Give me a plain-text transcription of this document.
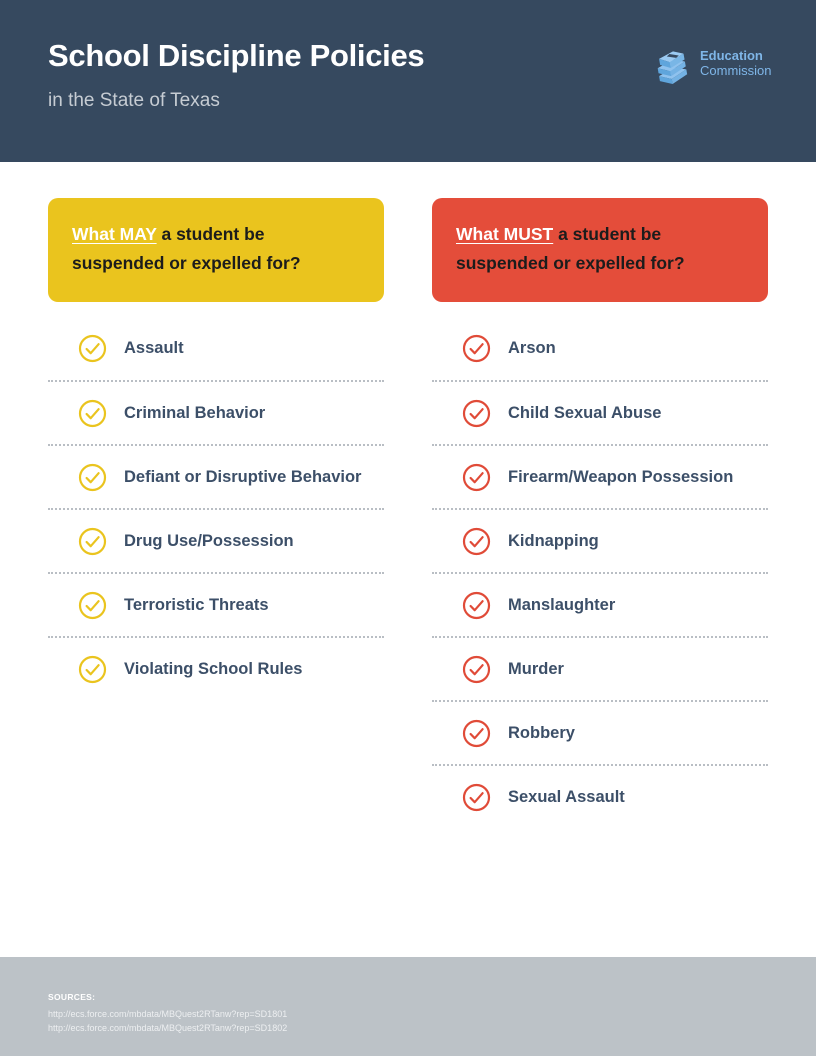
School Discipline Policies
in the State of Texas
Education
Commission
What MAY a student be suspended or expelled for?
Assault
Criminal Behavior
Defiant or Disruptive Behavior
Drug Use/Possession
Terroristic Threats
Violating School Rules
What MUST a student be suspended or expelled for?
Arson
Child Sexual Abuse
Firearm/Weapon Possession
Kidnapping
Manslaughter
Murder
Robbery
Sexual Assault
SOURCES:
http://ecs.force.com/mbdata/MBQuest2RTanw?rep=SD1801
http://ecs.force.com/mbdata/MBQuest2RTanw?rep=SD1802
